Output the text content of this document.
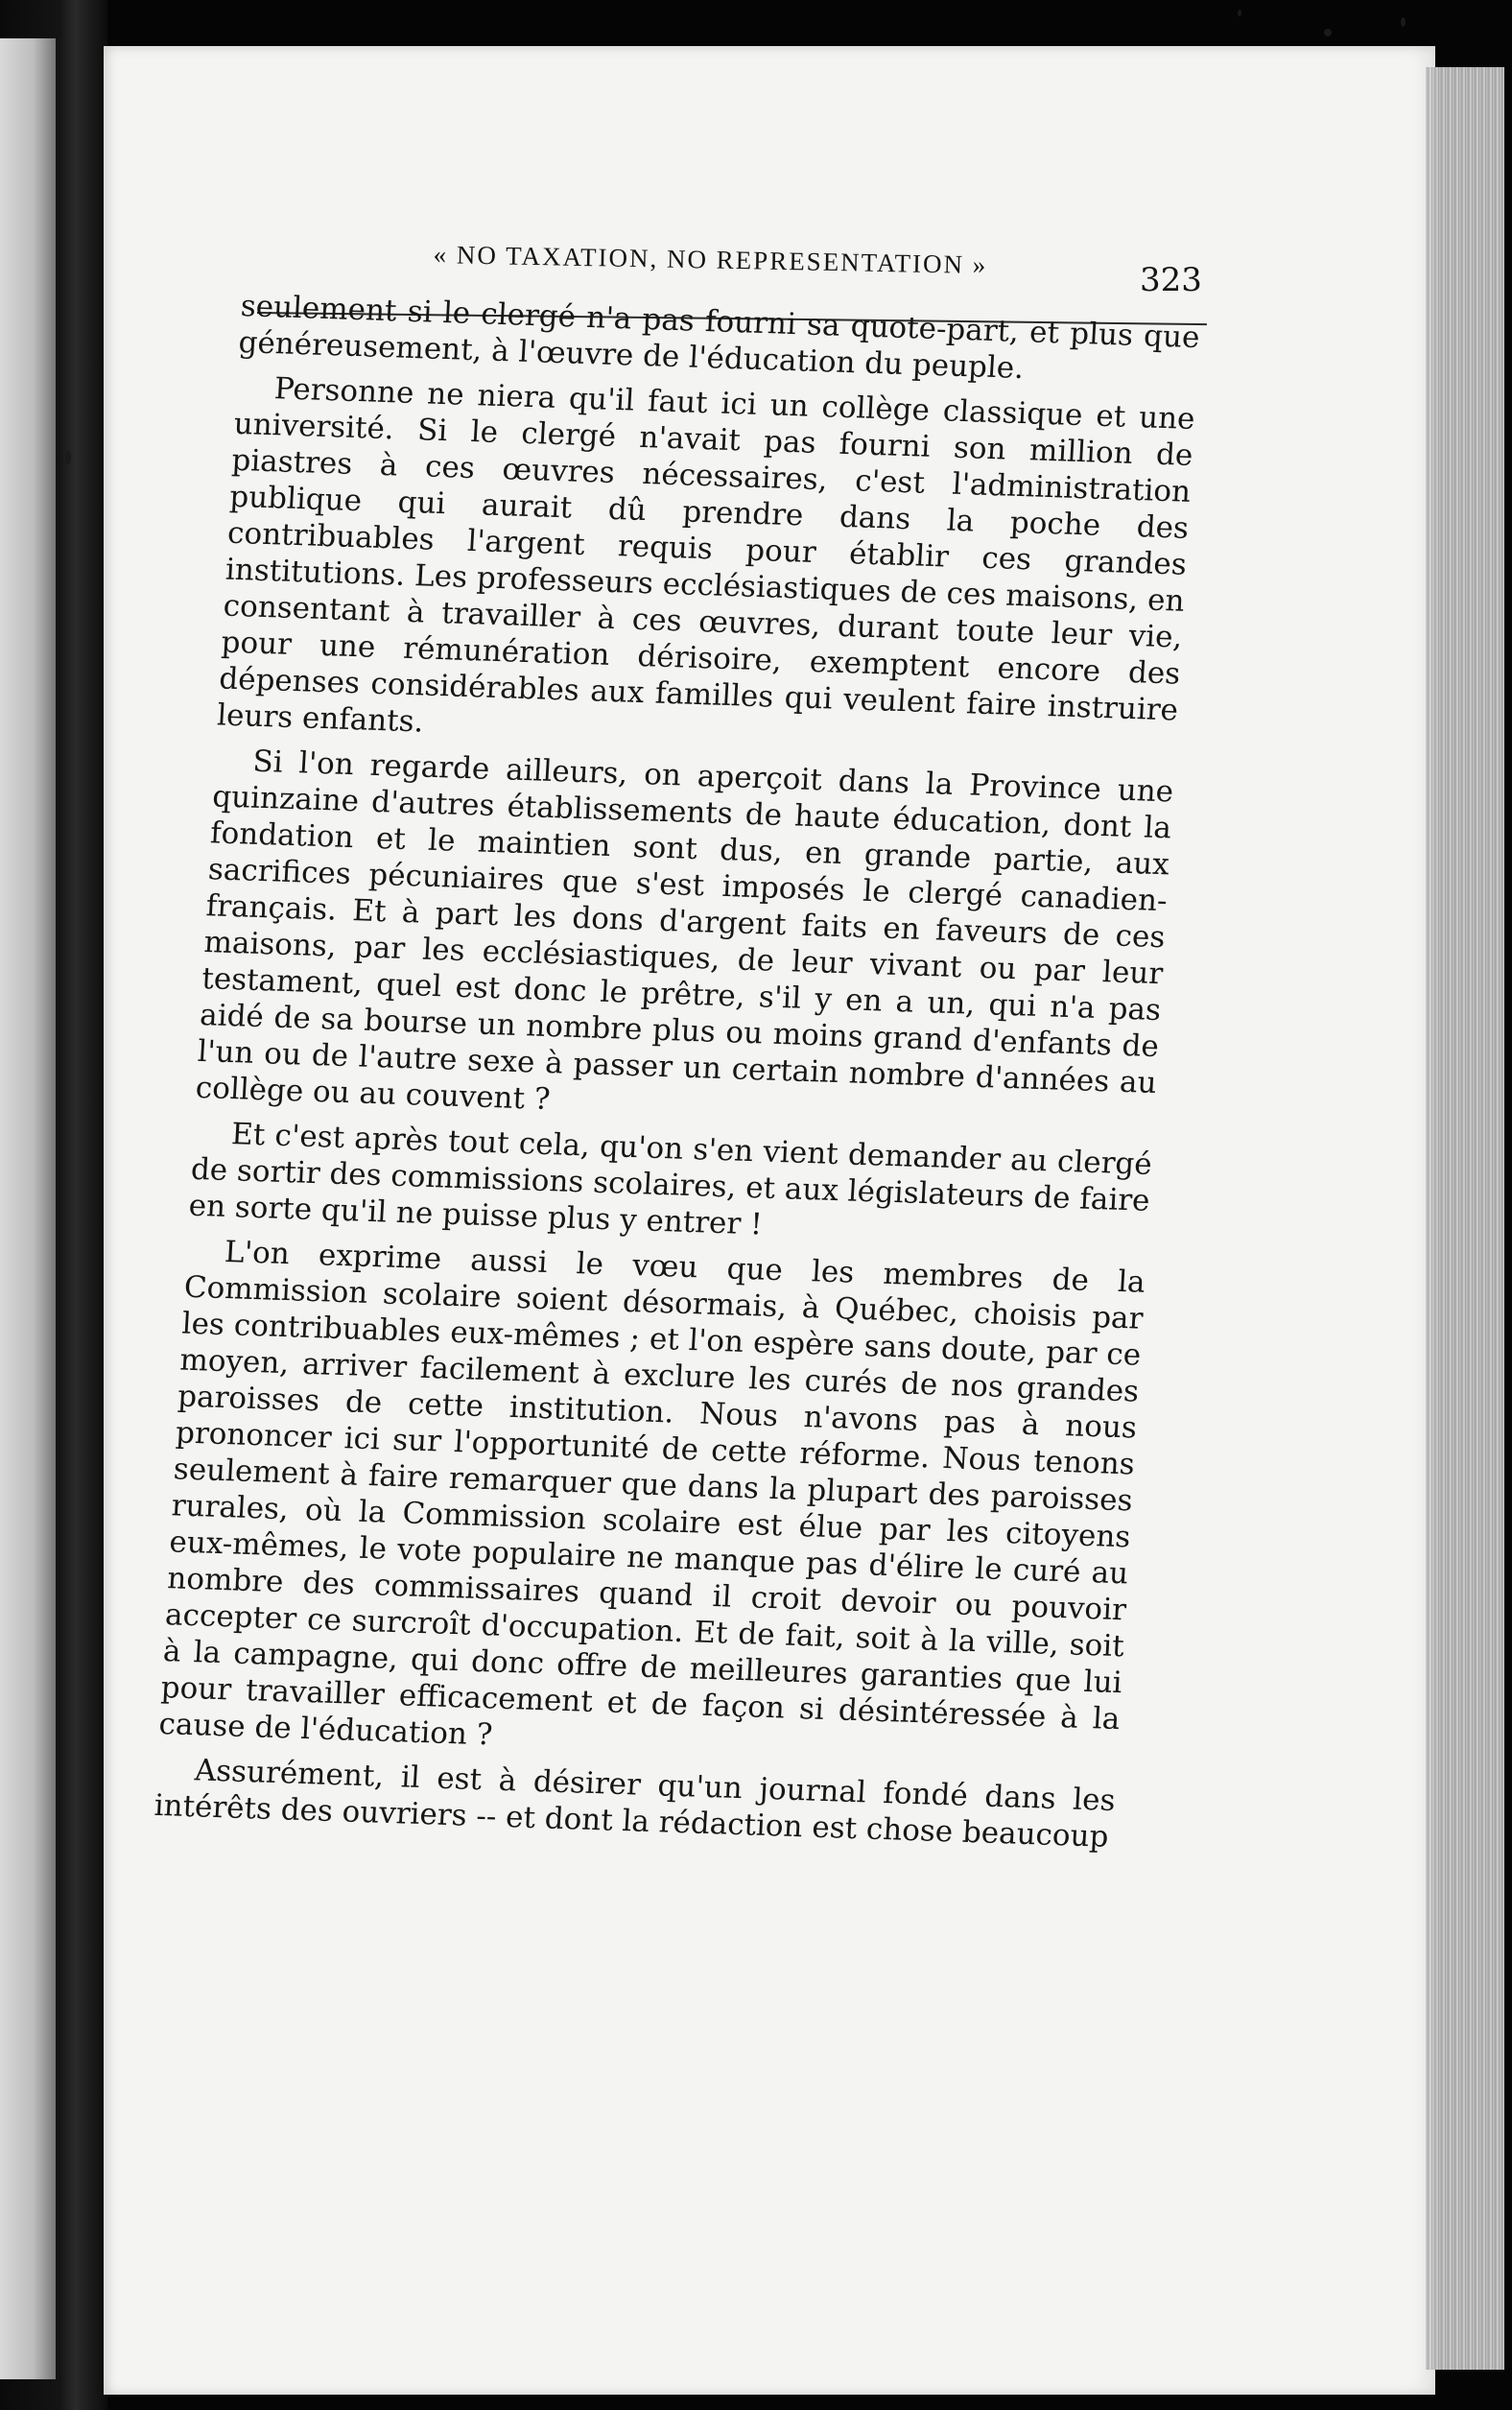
« NO TAXATION, NO REPRESENTATION »
323

seulement si le clergé n'a pas fourni sa quote-part, et plus que généreusement, à l'œuvre de l'éducation du peuple.

Personne ne niera qu'il faut ici un collège classique et une université. Si le clergé n'avait pas fourni son million de piastres à ces œuvres nécessaires, c'est l'administration publique qui aurait dû prendre dans la poche des contribuables l'argent requis pour établir ces grandes institutions. Les professeurs ecclésiastiques de ces maisons, en consentant à travailler à ces œuvres, durant toute leur vie, pour une rémunération dérisoire, exemptent encore des dépenses considérables aux familles qui veulent faire instruire leurs enfants.

Si l'on regarde ailleurs, on aperçoit dans la Province une quinzaine d'autres établissements de haute éducation, dont la fondation et le maintien sont dus, en grande partie, aux sacrifices pécuniaires que s'est imposés le clergé canadien-français. Et à part les dons d'argent faits en faveurs de ces maisons, par les ecclésiastiques, de leur vivant ou par leur testament, quel est donc le prêtre, s'il y en a un, qui n'a pas aidé de sa bourse un nombre plus ou moins grand d'enfants de l'un ou de l'autre sexe à passer un certain nombre d'années au collège ou au couvent ?

Et c'est après tout cela, qu'on s'en vient demander au clergé de sortir des commissions scolaires, et aux législateurs de faire en sorte qu'il ne puisse plus y entrer !

L'on exprime aussi le vœu que les membres de la Commission scolaire soient désormais, à Québec, choisis par les contribuables eux-mêmes ; et l'on espère sans doute, par ce moyen, arriver facilement à exclure les curés de nos grandes paroisses de cette institution. Nous n'avons pas à nous prononcer ici sur l'opportunité de cette réforme. Nous tenons seulement à faire remarquer que dans la plupart des paroisses rurales, où la Commission scolaire est élue par les citoyens eux-mêmes, le vote populaire ne manque pas d'élire le curé au nombre des commissaires quand il croit devoir ou pouvoir accepter ce surcroît d'occupation. Et de fait, soit à la ville, soit à la campagne, qui donc offre de meilleures garanties que lui pour travailler efficacement et de façon si désintéressée à la cause de l'éducation ?

Assurément, il est à désirer qu'un journal fondé dans les intérêts des ouvriers -- et dont la rédaction est chose beaucoup
